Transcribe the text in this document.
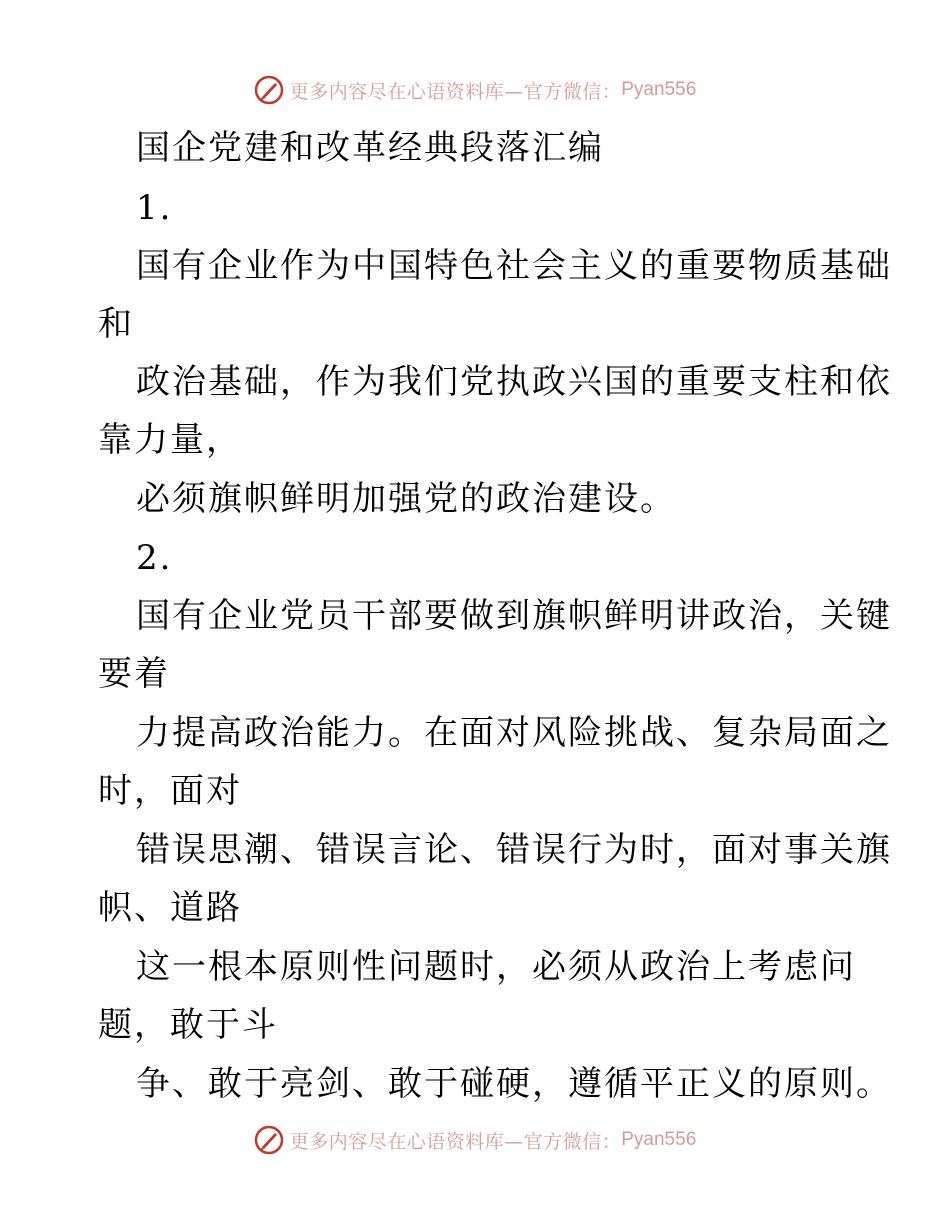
更多内容尽在心语资料库—官方微信： Pyan556
国企党建和改革经典段落汇编
1.
国有企业作为中国特色社会主义的重要物质基础
和
政治基础，作为我们党执政兴国的重要支柱和依
靠力量，
必须旗帜鲜明加强党的政治建设。
2.
国有企业党员干部要做到旗帜鲜明讲政治，关键
要着
力提高政治能力。在面对风险挑战、复杂局面之
时，面对
错误思潮、错误言论、错误行为时，面对事关旗
帜、道路
这一根本原则性问题时，必须从政治上考虑问
题，敢于斗
争、敢于亮剑、敢于碰硬，遵循平正义的原则。
更多内容尽在心语资料库—官方微信： Pyan556
